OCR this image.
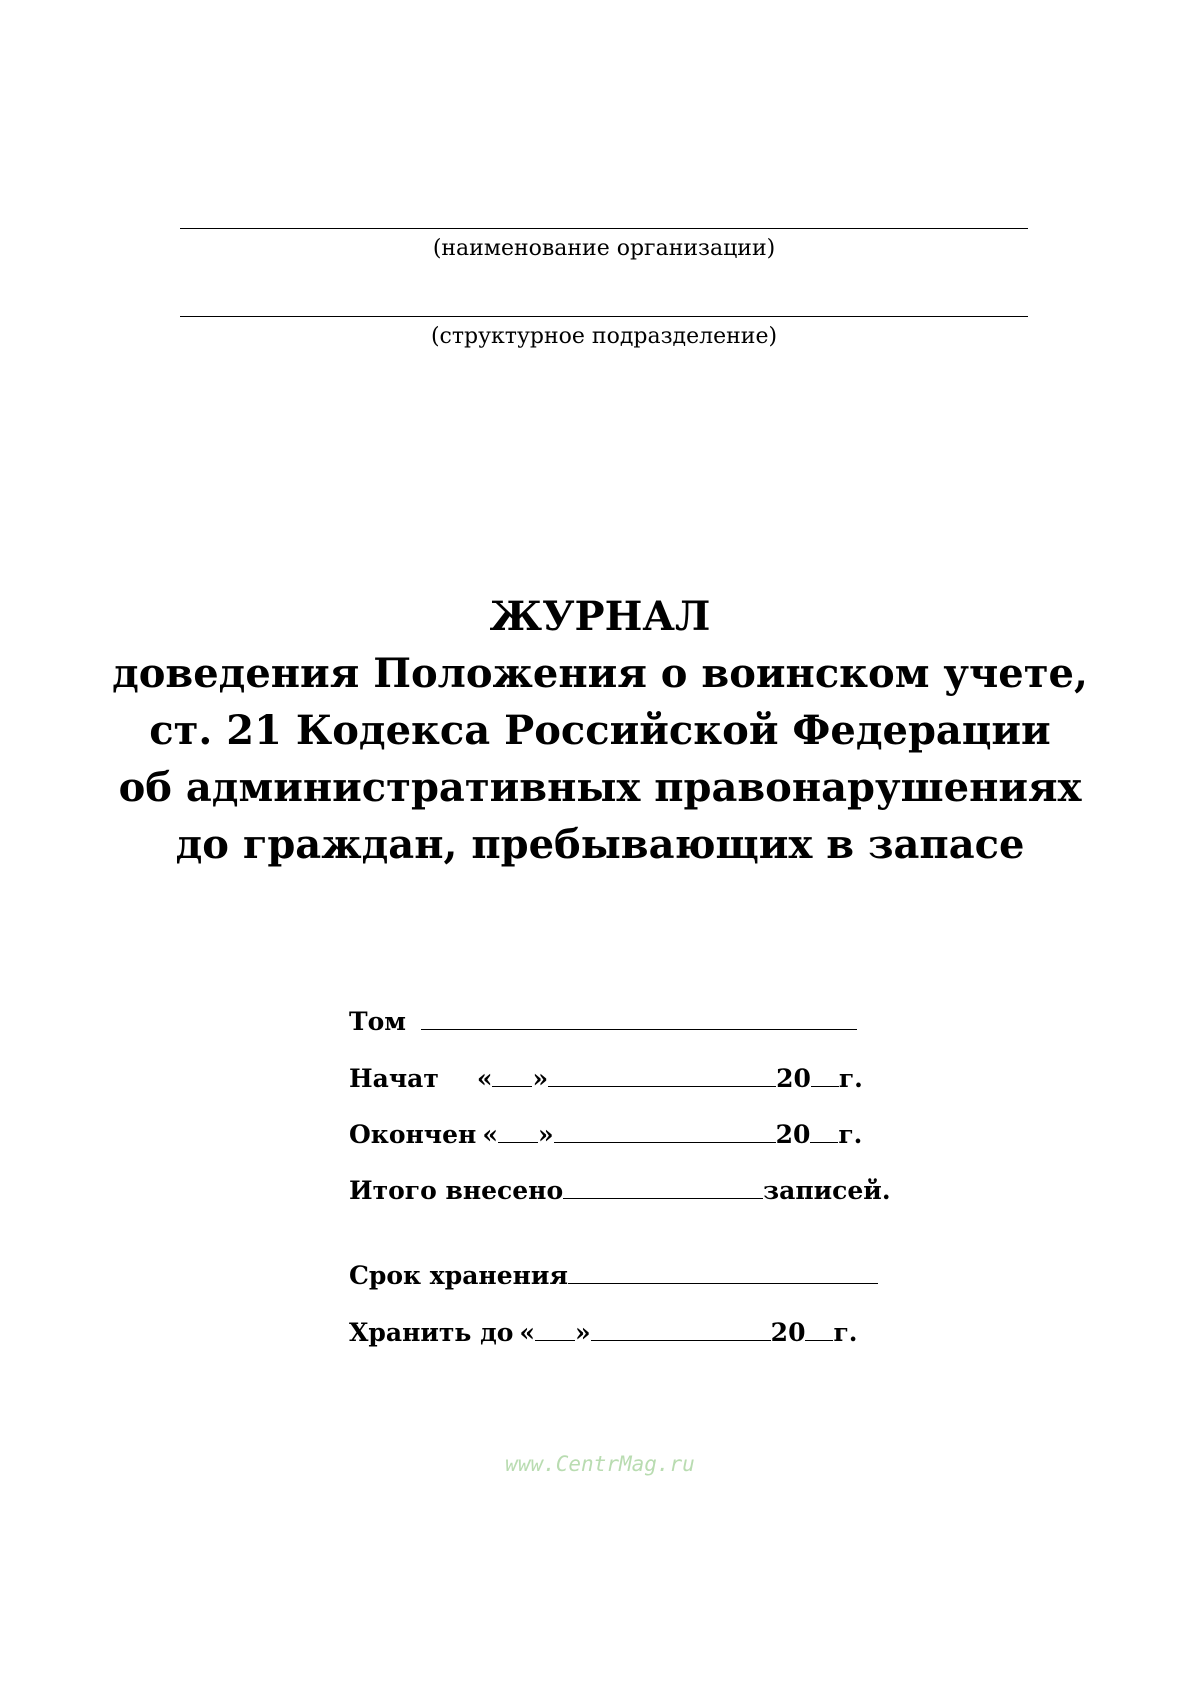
(наименование организации)
(структурное подразделение)
ЖУРНАЛ
доведения Положения о воинском учете,
ст. 21 Кодекса Российской Федерации
об административных правонарушениях
до граждан, пребывающих в запасе
Том
Начат « »	20 г.
Окончен « »	20 г.
Итого внесено	записей.
Срок хранения
Хранить до « »	20 г.
www.CentrMag.ru
